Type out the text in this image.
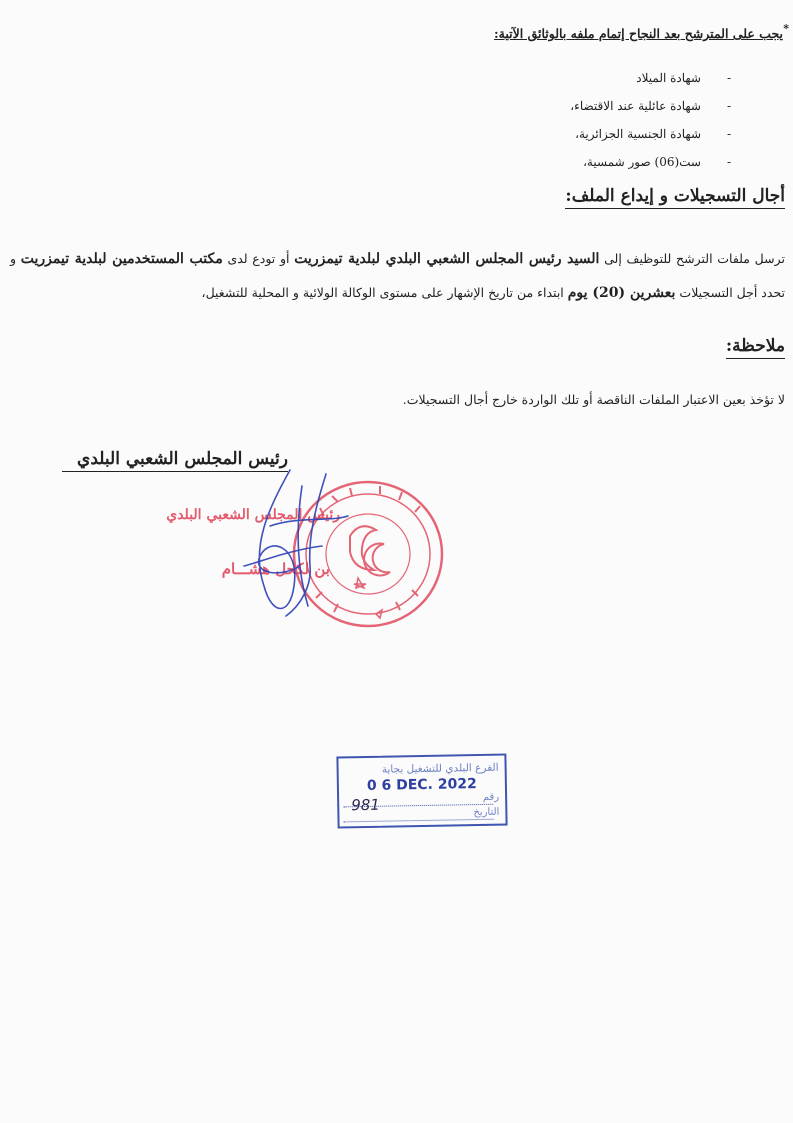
*
يجب على المترشح بعد النجاح إتمام ملفه بالوثائق الآتية:
-
شهادة الميلاد
-
شهادة عائلية عند الاقتضاء،
-
شهادة الجنسية الجزائرية،
-
ست(06) صور شمسية،
أجال التسجيلات و إيداع الملف:
ترسل ملفات الترشح للتوظيف إلى السيد رئيس المجلس الشعبي البلدي لبلدية تيمزريت أو تودع لدى مكتب المستخدمين لبلدية تيمزريت و تحدد أجل التسجيلات بعشرين (20) يوم ابتداء من تاريخ الإشهار على مستوى الوكالة الولائية و المحلية للتشغيل،
ملاحظة:
لا تؤخذ بعين الاعتبار الملفات الناقصة أو تلك الواردة خارج أجال التسجيلات.
رئيس المجلس الشعبي البلدي
رئيس المجلس الشعبي البلدي
بن لكحل هشـــام
الفرع البلدي للتشغيل بجاية
0 6 DEC. 2022
رقم
التاريخ
981
